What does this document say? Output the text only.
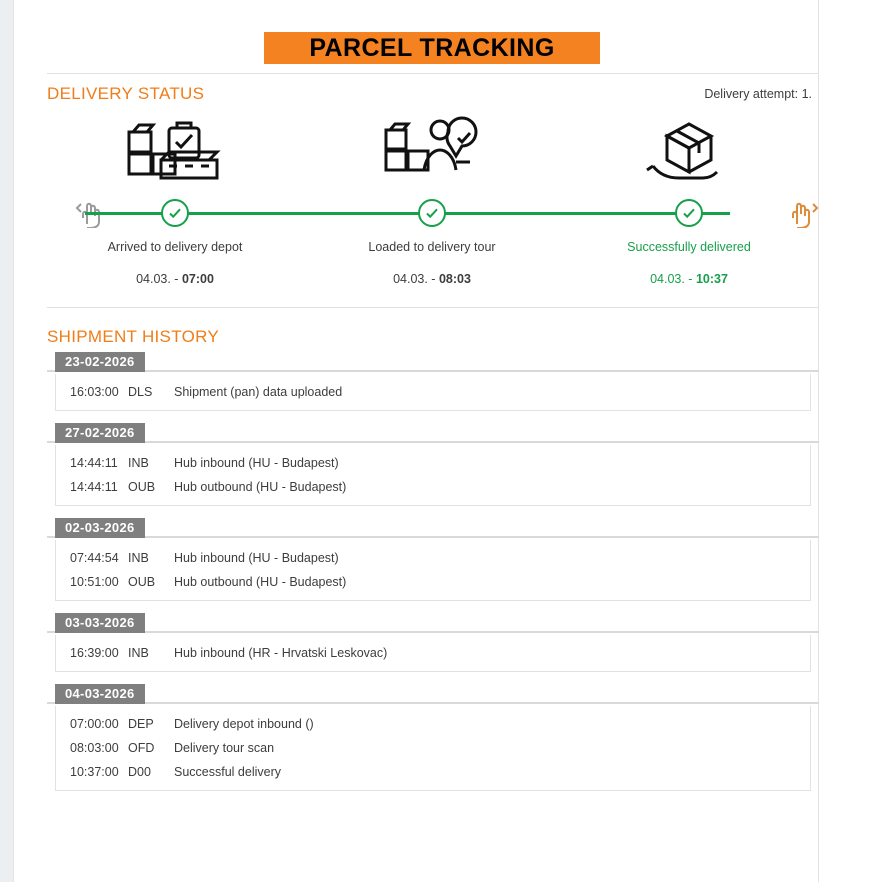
PARCEL TRACKING
DELIVERY STATUS	Delivery attempt: 1.
Arrived to delivery depot
04.03. - 07:00
Loaded to delivery tour
04.03. - 08:03
Successfully delivered
04.03. - 10:37
SHIPMENT HISTORY
23-02-2026
16:03:00 DLS	Shipment (pan) data uploaded
27-02-2026
14:44:11 INB	Hub inbound (HU - Budapest)
14:44:11 OUB	Hub outbound (HU - Budapest)
02-03-2026
07:44:54 INB	Hub inbound (HU - Budapest)
10:51:00 OUB	Hub outbound (HU - Budapest)
03-03-2026
16:39:00 INB	Hub inbound (HR - Hrvatski Leskovac)
04-03-2026
07:00:00 DEP	Delivery depot inbound ()
08:03:00 OFD	Delivery tour scan
10:37:00 D00	Successful delivery
